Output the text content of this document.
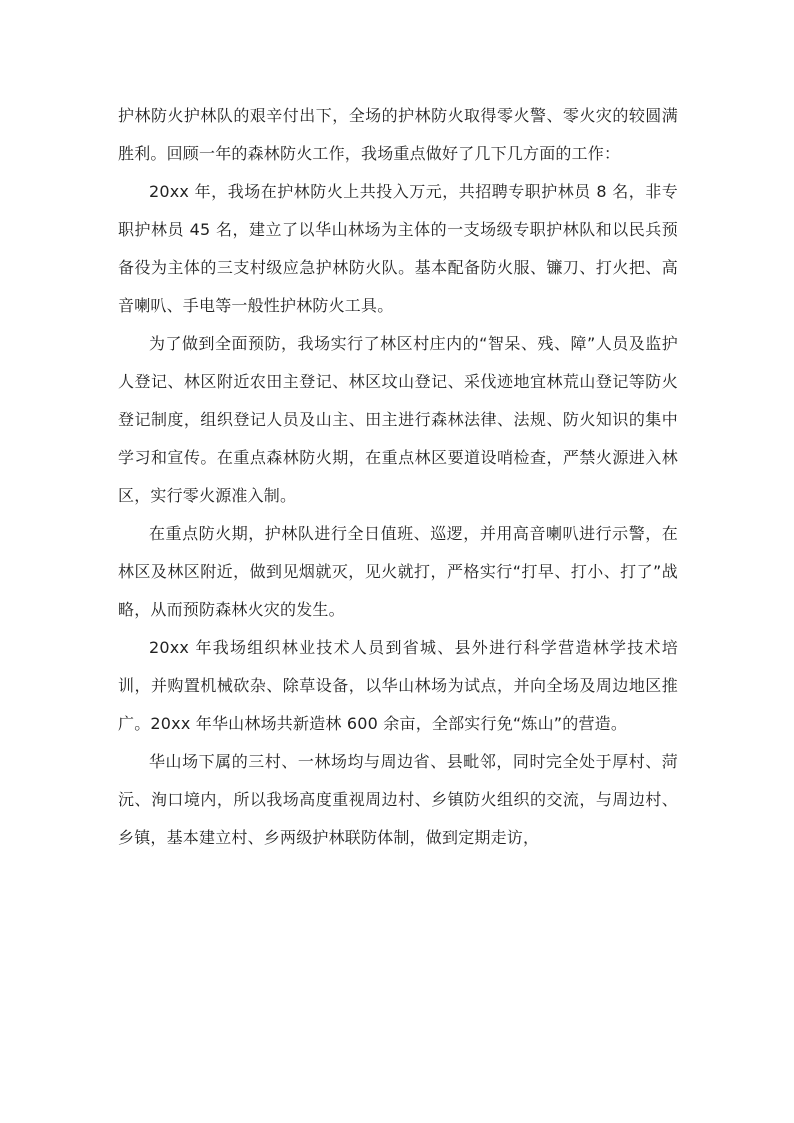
护林防火护林队的艰辛付出下，全场的护林防火取得零火警、零火灾的较圆满胜利。回顾一年的森林防火工作，我场重点做好了几下几方面的工作：

20xx 年，我场在护林防火上共投入万元，共招聘专职护林员 8 名，非专职护林员 45 名，建立了以华山林场为主体的一支场级专职护林队和以民兵预备役为主体的三支村级应急护林防火队。基本配备防火服、镰刀、打火把、高音喇叭、手电等一般性护林防火工具。

为了做到全面预防，我场实行了林区村庄内的“智呆、残、障”人员及监护人登记、林区附近农田主登记、林区坟山登记、采伐迹地宜林荒山登记等防火登记制度，组织登记人员及山主、田主进行森林法律、法规、防火知识的集中学习和宣传。在重点森林防火期，在重点林区要道设哨检查，严禁火源进入林区，实行零火源准入制。

在重点防火期，护林队进行全日值班、巡逻，并用高音喇叭进行示警，在林区及林区附近，做到见烟就灭，见火就打，严格实行“打早、打小、打了”战略，从而预防森林火灾的发生。

20xx 年我场组织林业技术人员到省城、县外进行科学营造林学技术培训，并购置机械砍杂、除草设备，以华山林场为试点，并向全场及周边地区推广。20xx 年华山林场共新造林 600 余亩，全部实行免“炼山”的营造。

华山场下属的三村、一林场均与周边省、县毗邻，同时完全处于厚村、菏沅、洵口境内，所以我场高度重视周边村、乡镇防火组织的交流，与周边村、乡镇，基本建立村、乡两级护林联防体制，做到定期走访，
